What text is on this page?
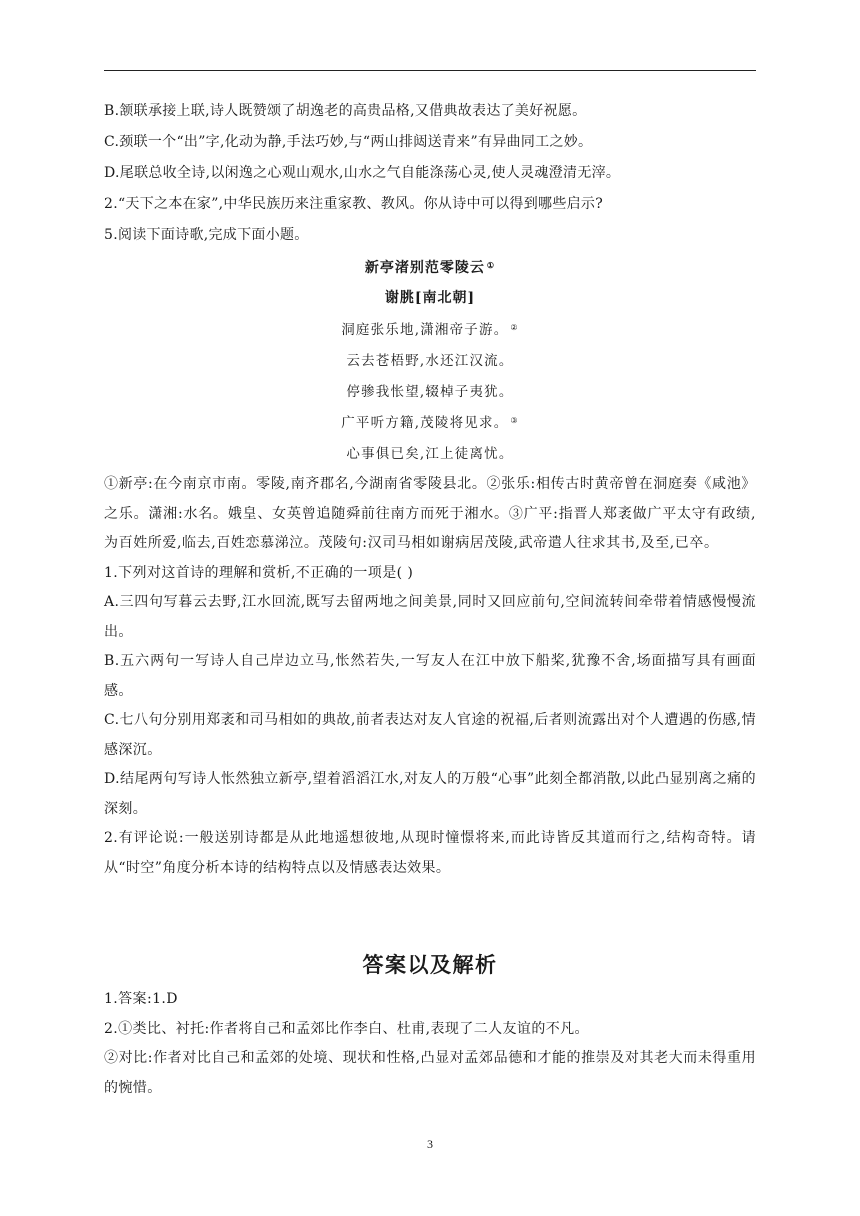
B.颔联承接上联,诗人既赞颂了胡逸老的高贵品格,又借典故表达了美好祝愿。

C.颈联一个“出”字,化动为静,手法巧妙,与“两山排闼送青来”有异曲同工之妙。

D.尾联总收全诗,以闲逸之心观山观水,山水之气自能涤荡心灵,使人灵魂澄清无滓。

2.“天下之本在家”,中华民族历来注重家教、教风。你从诗中可以得到哪些启示?

5.阅读下面诗歌,完成下面小题。

新亭渚别范零陵云 ①

谢朓[南北朝]

洞庭张乐地,潇湘帝子游。 ②

云去苍梧野,水还江汉流。

停骖我怅望,辍棹子夷犹。

广平听方籍,茂陵将见求。 ③

心事俱已矣,江上徒离忧。

①新亭:在今南京市南。零陵,南齐郡名,今湖南省零陵县北。②张乐:相传古时黄帝曾在洞庭奏《咸池》之乐。潇湘:水名。娥皇、女英曾追随舜前往南方而死于湘水。③广平:指晋人郑袤做广平太守有政绩,为百姓所爱,临去,百姓恋慕涕泣。茂陵句:汉司马相如谢病居茂陵,武帝遣人往求其书,及至,已卒。

1.下列对这首诗的理解和赏析,不正确的一项是( )

A.三四句写暮云去野,江水回流,既写去留两地之间美景,同时又回应前句,空间流转间牵带着情感慢慢流出。

B.五六两句一写诗人自己岸边立马,怅然若失,一写友人在江中放下船桨,犹豫不舍,场面描写具有画面感。

C.七八句分别用郑袤和司马相如的典故,前者表达对友人官途的祝福,后者则流露出对个人遭遇的伤感,情感深沉。

D.结尾两句写诗人怅然独立新亭,望着滔滔江水,对友人的万般“心事”此刻全都消散,以此凸显别离之痛的深刻。

2.有评论说:一般送别诗都是从此地遥想彼地,从现时憧憬将来,而此诗皆反其道而行之,结构奇特。请从“时空”角度分析本诗的结构特点以及情感表达效果。

答案以及解析

1.答案:1.D

2.①类比、衬托:作者将自己和孟郊比作李白、杜甫,表现了二人友谊的不凡。

②对比:作者对比自己和孟郊的处境、现状和性格,凸显对孟郊品德和才能的推崇及对其老大而未得重用的惋惜。

3
